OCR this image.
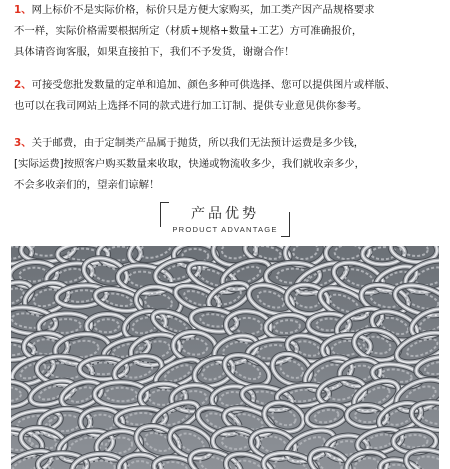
1、网上标价不是实际价格，标价只是方便大家购买，加工类产因产品规格要求

不一样，实际价格需要根据所定（材质+规格+数量+工艺）方可准确报价，

具体请咨询客服，如果直接拍下，我们不予发货，谢谢合作！

2、可接受您批发数量的定单和追加、颜色多种可供选择、您可以提供图片或样版、

也可以在我司网站上选择不同的款式进行加工订制、提供专业意见供你参考。

3、关于邮费，由于定制类产品属于抛货，所以我们无法预计运费是多少钱，

[实际运费]按照客户购买数量来收取，快递或物流收多少，我们就收亲多少，

不会多收亲们的，望亲们谅解！

产品优势
PRODUCT ADVANTAGE
